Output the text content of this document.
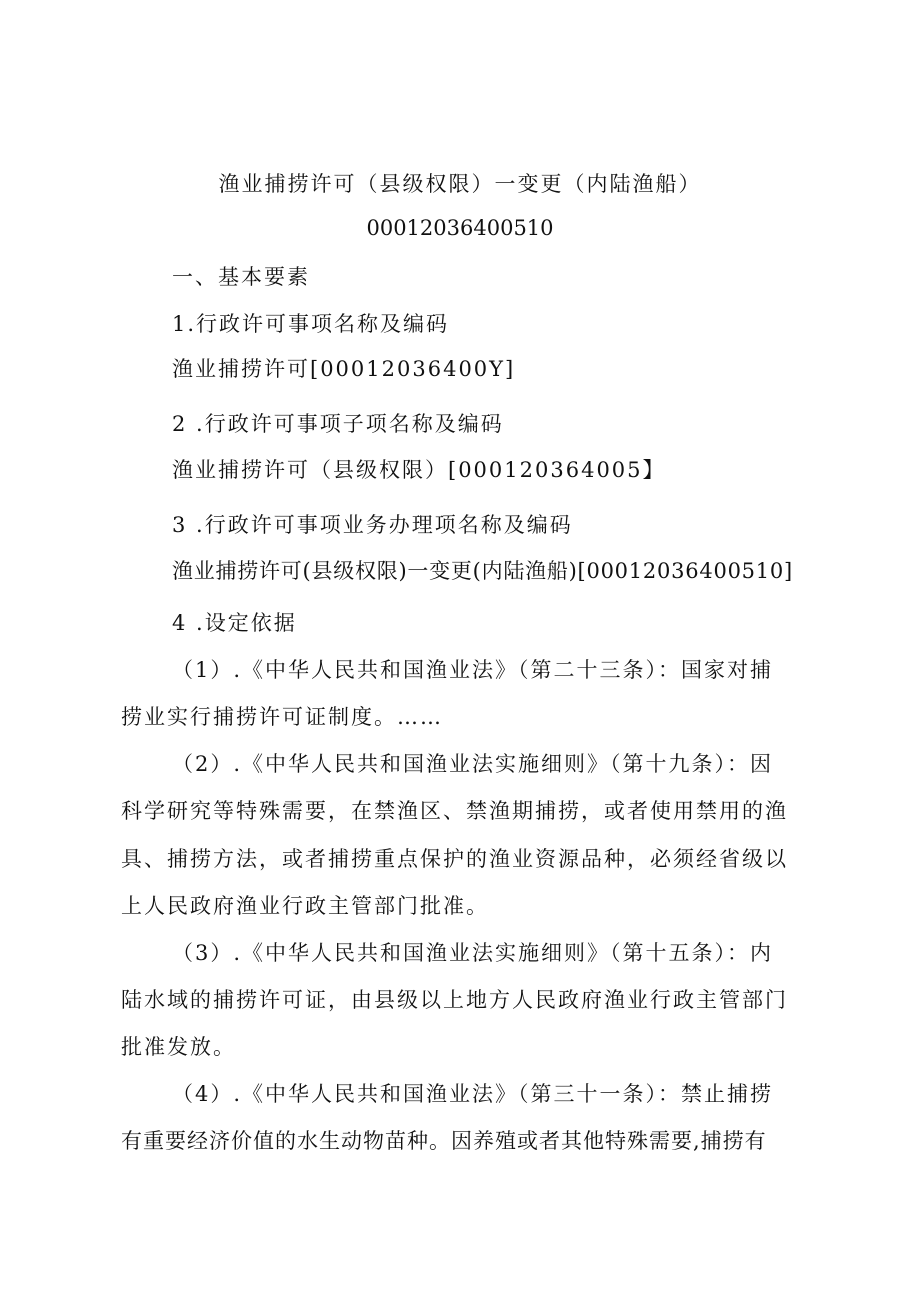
渔业捕捞许可（县级权限）一变更（内陆渔船）
00012036400510
一、基本要素
1.行政许可事项名称及编码
渔业捕捞许可[00012036400Y]
2 .行政许可事项子项名称及编码
渔业捕捞许可（县级权限）[000120364005】
3 .行政许可事项业务办理项名称及编码
渔业捕捞许可(县级权限)一变更(内陆渔船)[00012036400510]
4 .设定依据
（1）.《中华人民共和国渔业法》（第二十三条）：国家对捕
捞业实行捕捞许可证制度。……
（2）.《中华人民共和国渔业法实施细则》（第十九条）：因
科学研究等特殊需要，在禁渔区、禁渔期捕捞，或者使用禁用的渔
具、捕捞方法，或者捕捞重点保护的渔业资源品种，必须经省级以
上人民政府渔业行政主管部门批准。
（3）.《中华人民共和国渔业法实施细则》（第十五条）：内
陆水域的捕捞许可证，由县级以上地方人民政府渔业行政主管部门
批准发放。
（4）.《中华人民共和国渔业法》（第三十一条）：禁止捕捞
有重要经济价值的水生动物苗种。因养殖或者其他特殊需要,捕捞有
